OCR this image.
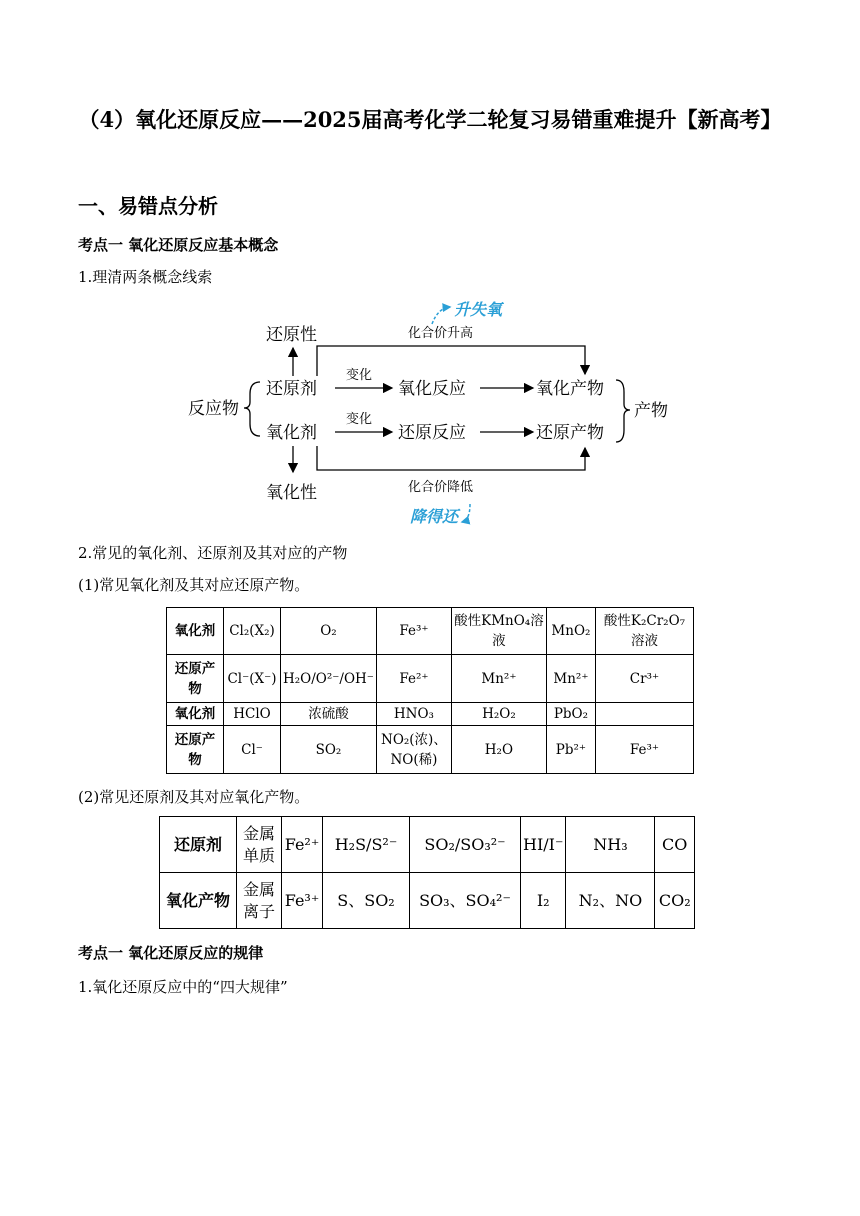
（4）氧化还原反应——2025届高考化学二轮复习易错重难提升【新高考】
一、易错点分析
考点一 氧化还原反应基本概念
1.理清两条概念线索
还原性	化合价升高
升失氧
反应物
还原剂
变化
氧化反应	氧化产物
氧化剂
变化
还原反应	还原产物
氧化性	化合价降低
降得还
产物
2.常见的氧化剂、还原剂及其对应的产物
(1)常见氧化剂及其对应还原产物。
氧化剂	Cl₂(X₂)	O₂	Fe³⁺	酸性KMnO₄溶液	MnO₂	酸性K₂Cr₂O₇溶液
还原产物	Cl⁻(X⁻)	H₂O/O²⁻/OH⁻	Fe²⁺	Mn²⁺	Mn²⁺	Cr³⁺
氧化剂	HClO	浓硫酸	HNO₃	H₂O₂	PbO₂	
还原产物	Cl⁻	SO₂	NO₂(浓)、NO(稀)	H₂O	Pb²⁺	Fe³⁺
(2)常见还原剂及其对应氧化产物。
还原剂	金属单质	Fe²⁺	H₂S/S²⁻	SO₂/SO₃²⁻	HI/I⁻	NH₃	CO
氧化产物	金属离子	Fe³⁺	S、SO₂	SO₃、SO₄²⁻	I₂	N₂、NO	CO₂
考点一 氧化还原反应的规律
1.氧化还原反应中的“四大规律”
